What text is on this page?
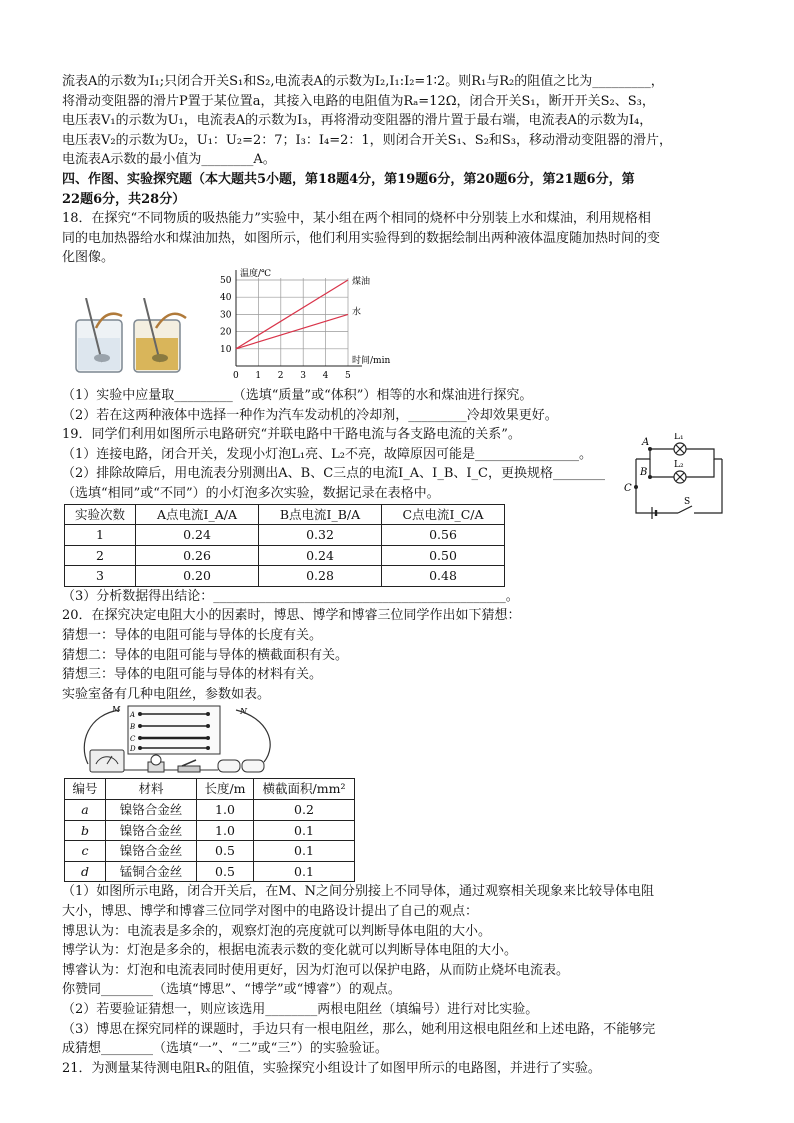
流表A的示数为I₁;只闭合开关S₁和S₂,电流表A的示数为I₂,I₁:I₂=1∶2。则R₁与R₂的阻值之比为_________，
将滑动变阻器的滑片P置于某位置a，其接入电路的电阻值为Rₐ=12Ω，闭合开关S₁，断开开关S₂、S₃，
电压表V₁的示数为U₁，电流表A的示数为I₃，再将滑动变阻器的滑片置于最右端，电流表A的示数为I₄，
电压表V₂的示数为U₂，U₁：U₂=2：7；I₃：I₄=2：1，则闭合开关S₁、S₂和S₃，移动滑动变阻器的滑片，
电流表A示数的最小值为________A。
四、作图、实验探究题（本大题共5小题，第18题4分，第19题6分，第20题6分，第21题6分，第
22题6分，共28分）
18．在探究“不同物质的吸热能力”实验中，某小组在两个相同的烧杯中分别装上水和煤油，利用规格相
同的电加热器给水和煤油加热，如图所示，他们利用实验得到的数据绘制出两种液体温度随加热时间的变
化图像。
0 1 2 3 4 5
10
20
30
40
50
温度/℃
时间/min
煤油
水
（1）实验中应量取_________（选填“质量”或“体积”）相等的水和煤油进行探究。
（2）若在这两种液体中选择一种作为汽车发动机的冷却剂，_________冷却效果更好。
19．同学们利用如图所示电路研究“并联电路中干路电流与各支路电流的关系”。
（1）连接电路，闭合开关，发现小灯泡L₁亮、L₂不亮，故障原因可能是________________。
（2）排除故障后，用电流表分别测出A、B、C三点的电流I_A、I_B、I_C，更换规格________
（选填“相同”或“不同”）的小灯泡多次实验，数据记录在表格中。
实验次数	A点电流I_A/A	B点电流I_B/A	C点电流I_C/A
1	0.24	0.32	0.56
2	0.26	0.24	0.50
3	0.20	0.28	0.48
（3）分析数据得出结论：_____________________________________________。
A
B
C
L₁
L₂
S
20．在探究决定电阻大小的因素时，博思、博学和博睿三位同学作出如下猜想：
猜想一：导体的电阻可能与导体的长度有关。
猜想二：导体的电阻可能与导体的横截面积有关。
猜想三：导体的电阻可能与导体的材料有关。
实验室备有几种电阻丝，参数如表。
A
B
C
D
M	N
编号	材料	长度/m	横截面积/mm²
a	镍铬合金丝	1.0	0.2
b	镍铬合金丝	1.0	0.1
c	镍铬合金丝	0.5	0.1
d	锰铜合金丝	0.5	0.1
（1）如图所示电路，闭合开关后，在M、N之间分别接上不同导体，通过观察相关现象来比较导体电阻
大小，博思、博学和博睿三位同学对图中的电路设计提出了自己的观点：
博思认为：电流表是多余的，观察灯泡的亮度就可以判断导体电阻的大小。
博学认为：灯泡是多余的，根据电流表示数的变化就可以判断导体电阻的大小。
博睿认为：灯泡和电流表同时使用更好，因为灯泡可以保护电路，从而防止烧坏电流表。
你赞同________（选填“博思”、“博学”或“博睿”）的观点。
（2）若要验证猜想一，则应该选用________两根电阻丝（填编号）进行对比实验。
（3）博思在探究同样的课题时，手边只有一根电阻丝，那么，她利用这根电阻丝和上述电路，不能够完
成猜想________（选填“一”、“二”或“三”）的实验验证。
21．为测量某待测电阻Rₓ的阻值，实验探究小组设计了如图甲所示的电路图，并进行了实验。
